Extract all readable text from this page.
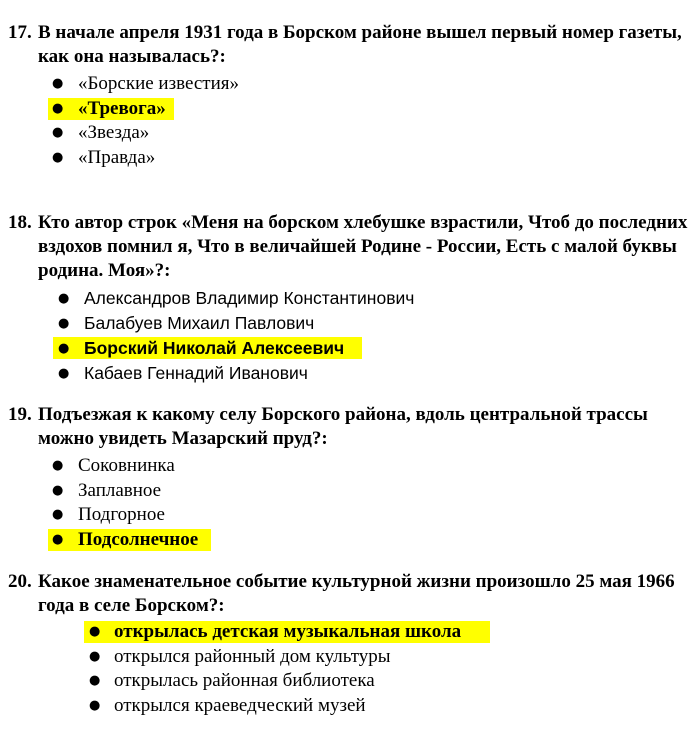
17. В начале апреля 1931 года в Борском районе вышел первый номер газеты, как она называлась?:

● «Борские известия»
● «Тревога»
● «Звезда»
● «Правда»

18. Кто автор строк «Меня на борском хлебушке взрастили, Чтоб до последних вздохов помнил я, Что в величайшей Родине - России, Есть с малой буквы родина. Моя»?:

● Александров Владимир Константинович
● Балабуев Михаил Павлович
● Борский Николай Алексеевич
● Кабаев Геннадий Иванович

19. Подъезжая к какому селу Борского района, вдоль центральной трассы можно увидеть Мазарский пруд?:

● Соковнинка
● Заплавное
● Подгорное
● Подсолнечное

20. Какое знаменательное событие культурной жизни произошло 25 мая 1966 года в селе Борском?:

● открылась детская музыкальная школа
● открылся районный дом культуры
● открылась районная библиотека
● открылся краеведческий музей
